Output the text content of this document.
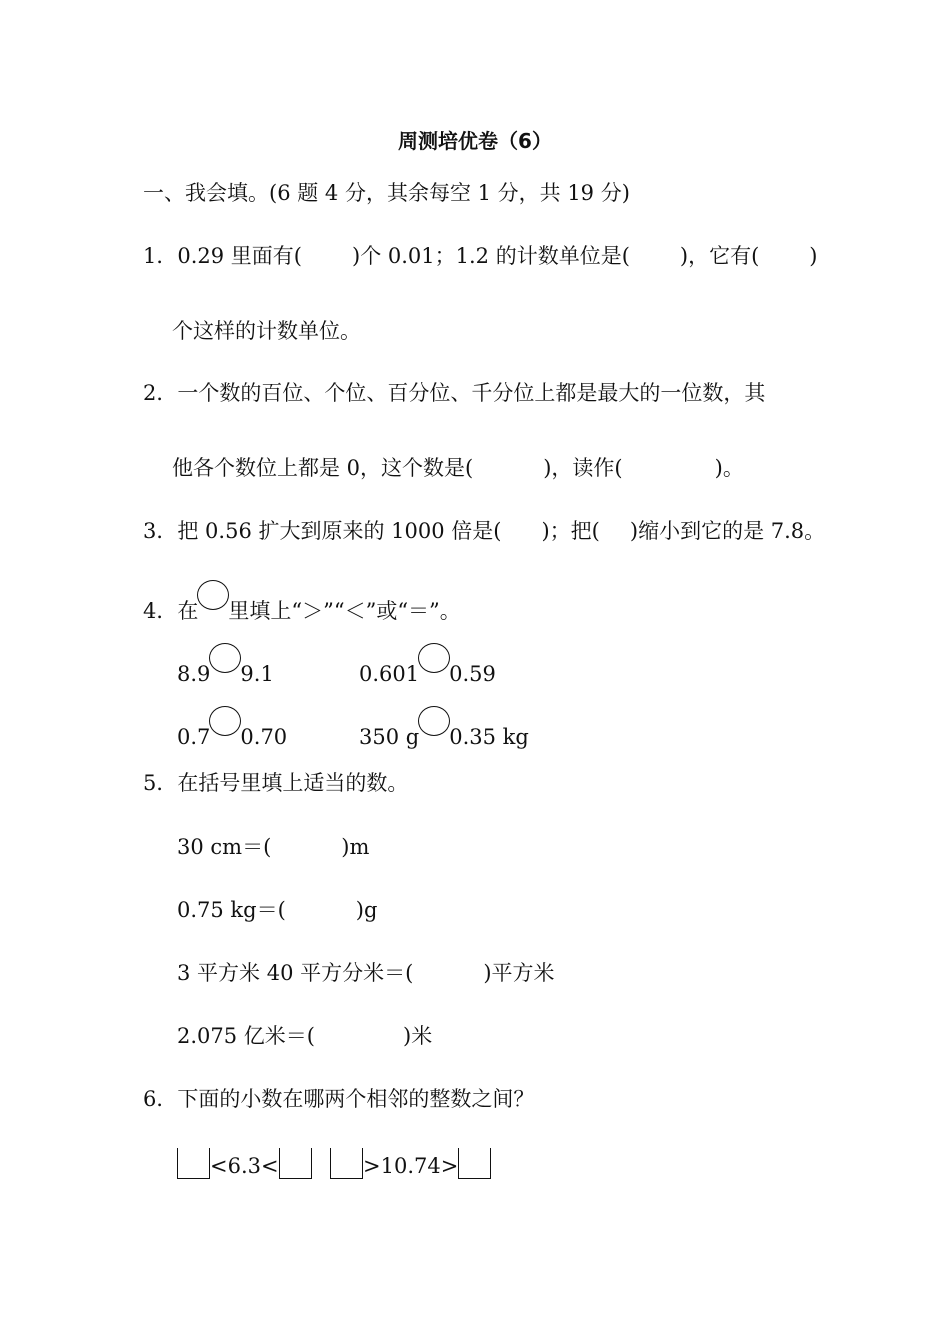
周测培优卷（6）
一、我会填。(6 题 4 分，其余每空 1 分，共 19 分)
1．0.29 里面有( )个 0.01；1.2 的计数单位是( )，它有( )
个这样的计数单位。
2．一个数的百位、个位、百分位、千分位上都是最大的一位数，其
他各个数位上都是 0，这个数是(	)，读作(	)。
3．把 0.56 扩大到原来的 1000 倍是( )；把( )缩小到它的是 7.8。
4．在 里填上“＞”“＜”或“＝”。
8.9 9.1	0.601 0.59
0.7 0.70	350 g 0.35 kg
5．在括号里填上适当的数。
30 cm＝(	)m
0.75 kg＝(	)g
3 平方米 40 平方分米＝(	)平方米
2.075 亿米＝(	)米
6．下面的小数在哪两个相邻的整数之间？
<6.3<	>10.74>
